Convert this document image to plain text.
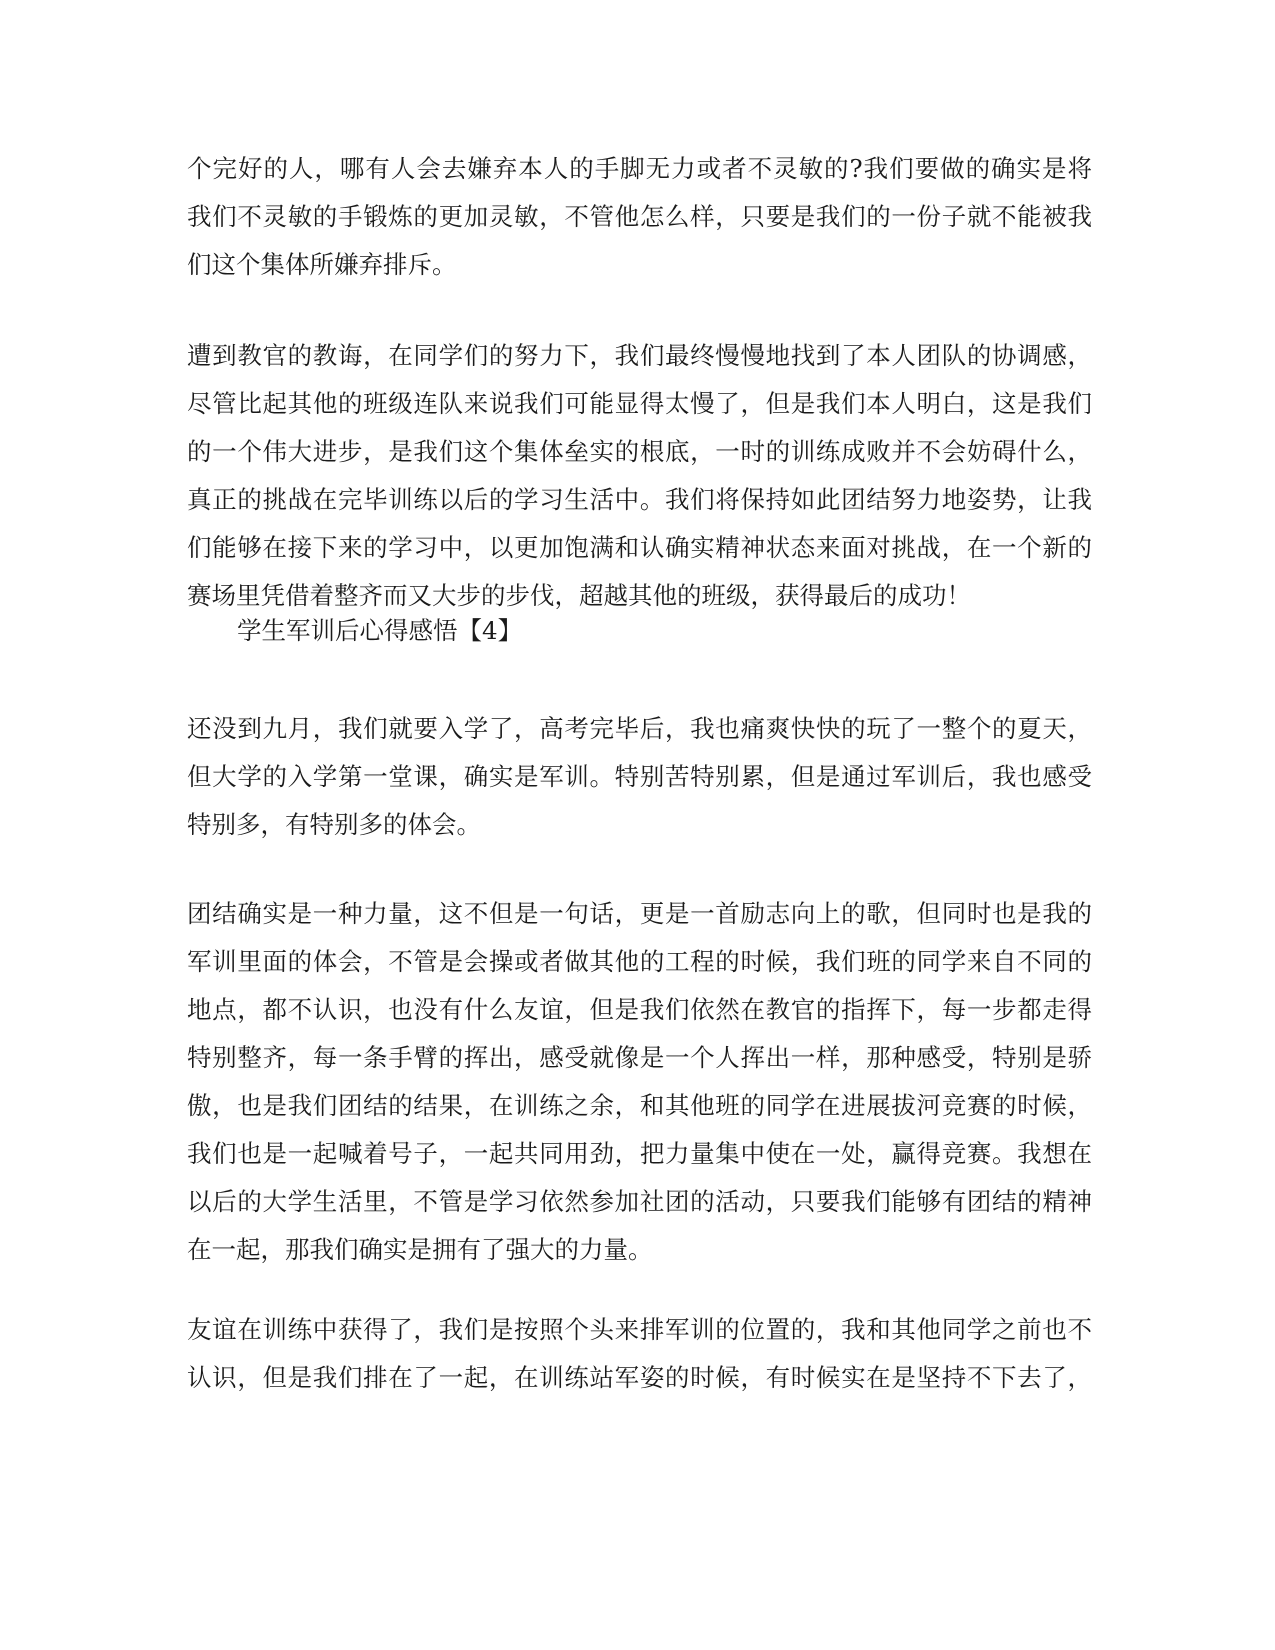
个完好的人，哪有人会去嫌弃本人的手脚无力或者不灵敏的?我们要做的确实是将
我们不灵敏的手锻炼的更加灵敏，不管他怎么样，只要是我们的一份子就不能被我
们这个集体所嫌弃排斥。
遭到教官的教诲，在同学们的努力下，我们最终慢慢地找到了本人团队的协调感，
尽管比起其他的班级连队来说我们可能显得太慢了，但是我们本人明白，这是我们
的一个伟大进步，是我们这个集体垒实的根底，一时的训练成败并不会妨碍什么，
真正的挑战在完毕训练以后的学习生活中。我们将保持如此团结努力地姿势，让我
们能够在接下来的学习中，以更加饱满和认确实精神状态来面对挑战，在一个新的
赛场里凭借着整齐而又大步的步伐，超越其他的班级，获得最后的成功！
学生军训后心得感悟【4】
还没到九月，我们就要入学了，高考完毕后，我也痛爽快快的玩了一整个的夏天，
但大学的入学第一堂课，确实是军训。特别苦特别累，但是通过军训后，我也感受
特别多，有特别多的体会。
团结确实是一种力量，这不但是一句话，更是一首励志向上的歌，但同时也是我的
军训里面的体会，不管是会操或者做其他的工程的时候，我们班的同学来自不同的
地点，都不认识，也没有什么友谊，但是我们依然在教官的指挥下，每一步都走得
特别整齐，每一条手臂的挥出，感受就像是一个人挥出一样，那种感受，特别是骄
傲，也是我们团结的结果，在训练之余，和其他班的同学在进展拔河竞赛的时候，
我们也是一起喊着号子，一起共同用劲，把力量集中使在一处，赢得竞赛。我想在
以后的大学生活里，不管是学习依然参加社团的活动，只要我们能够有团结的精神
在一起，那我们确实是拥有了强大的力量。
友谊在训练中获得了，我们是按照个头来排军训的位置的，我和其他同学之前也不
认识，但是我们排在了一起，在训练站军姿的时候，有时候实在是坚持不下去了，
